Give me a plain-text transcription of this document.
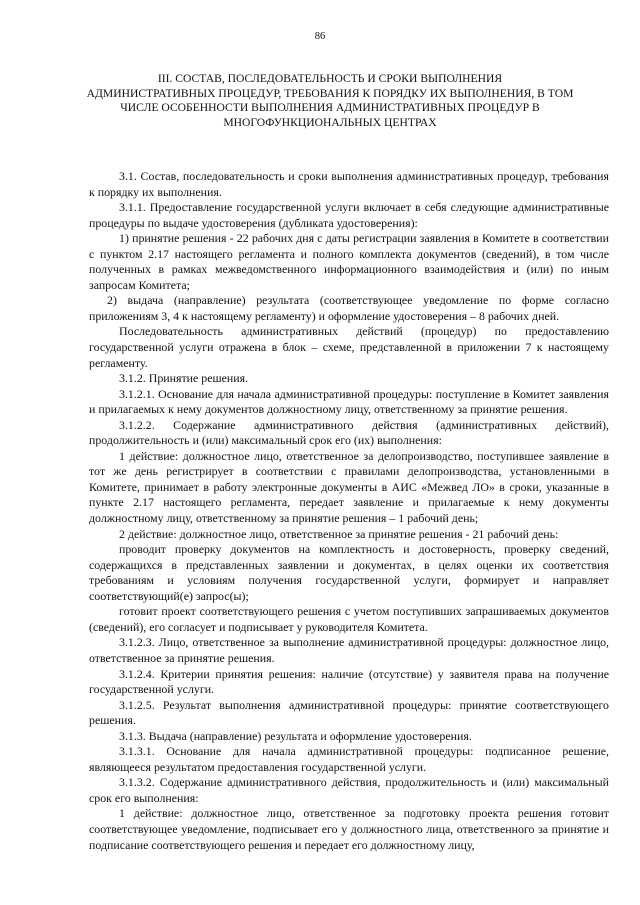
86
III. СОСТАВ, ПОСЛЕДОВАТЕЛЬНОСТЬ И СРОКИ ВЫПОЛНЕНИЯ
АДМИНИСТРАТИВНЫХ ПРОЦЕДУР, ТРЕБОВАНИЯ К ПОРЯДКУ ИХ ВЫПОЛНЕНИЯ, В ТОМ
ЧИСЛЕ ОСОБЕННОСТИ ВЫПОЛНЕНИЯ АДМИНИСТРАТИВНЫХ ПРОЦЕДУР В
МНОГОФУНКЦИОНАЛЬНЫХ ЦЕНТРАХ

3.1. Состав, последовательность и сроки выполнения административных процедур, требования к порядку их выполнения.

3.1.1. Предоставление государственной услуги включает в себя следующие административные процедуры по выдаче удостоверения (дубликата удостоверения):

1) принятие решения - 22 рабочих дня с даты регистрации заявления в Комитете в соответствии с пунктом 2.17 настоящего регламента и полного комплекта документов (сведений), в том числе полученных в рамках межведомственного информационного взаимодействия и (или) по иным запросам Комитета;

2) выдача (направление) результата (соответствующее уведомление по форме согласно приложениям 3, 4 к настоящему регламенту) и оформление удостоверения – 8 рабочих дней.

Последовательность административных действий (процедур) по предоставлению государственной услуги отражена в блок – схеме, представленной в приложении 7 к настоящему регламенту.

3.1.2. Принятие решения.

3.1.2.1. Основание для начала административной процедуры: поступление в Комитет заявления и прилагаемых к нему документов должностному лицу, ответственному за принятие решения.

3.1.2.2. Содержание административного действия (административных действий), продолжительность и (или) максимальный срок его (их) выполнения:

1 действие: должностное лицо, ответственное за делопроизводство, поступившее заявление в тот же день регистрирует в соответствии с правилами делопроизводства, установленными в Комитете, принимает в работу электронные документы в АИС «Межвед ЛО» в сроки, указанные в пункте 2.17 настоящего регламента, передает заявление и прилагаемые к нему документы должностному лицу, ответственному за принятие решения – 1 рабочий день;

2 действие: должностное лицо, ответственное за принятие решения - 21 рабочий день:

проводит проверку документов на комплектность и достоверность, проверку сведений, содержащихся в представленных заявлении и документах, в целях оценки их соответствия требованиям и условиям получения государственной услуги, формирует и направляет соответствующий(е) запрос(ы);

готовит проект соответствующего решения с учетом поступивших запрашиваемых документов (сведений), его согласует и подписывает у руководителя Комитета.

3.1.2.3. Лицо, ответственное за выполнение административной процедуры: должностное лицо, ответственное за принятие решения.

3.1.2.4. Критерии принятия решения: наличие (отсутствие) у заявителя права на получение государственной услуги.

3.1.2.5. Результат выполнения административной процедуры: принятие соответствующего решения.

3.1.3. Выдача (направление) результата и оформление удостоверения.

3.1.3.1. Основание для начала административной процедуры: подписанное решение, являющееся результатом предоставления государственной услуги.

3.1.3.2. Содержание административного действия, продолжительность и (или) максимальный срок его выполнения:

1 действие: должностное лицо, ответственное за подготовку проекта решения готовит соответствующее уведомление, подписывает его у должностного лица, ответственного за принятие и подписание соответствующего решения и передает его должностному лицу,
